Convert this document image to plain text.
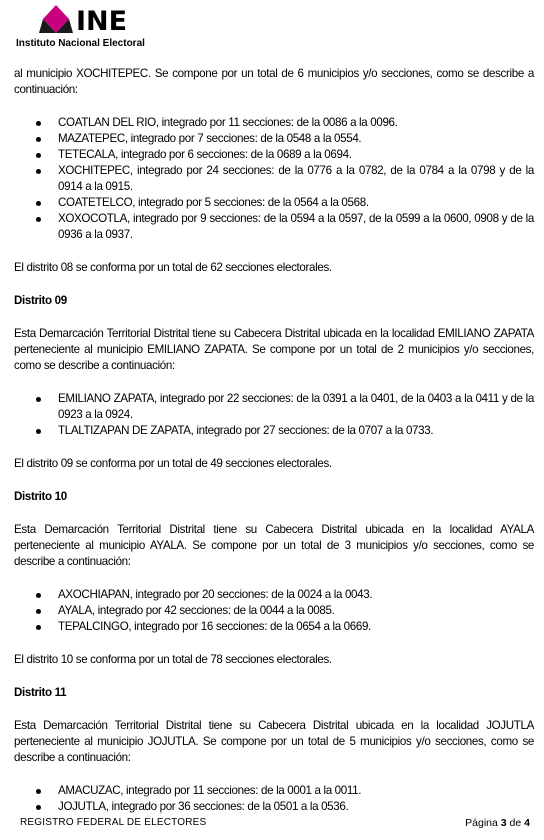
INE
Instituto Nacional Electoral

al municipio XOCHITEPEC. Se compone por un total de 6 municipios y/o secciones, como se describe a continuación:

COATLAN DEL RIO, integrado por 11 secciones: de la 0086 a la 0096.
MAZATEPEC, integrado por 7 secciones: de la 0548 a la 0554.
TETECALA, integrado por 6 secciones: de la 0689 a la 0694.
XOCHITEPEC, integrado por 24 secciones: de la 0776 a la 0782, de la 0784 a la 0798 y de la 0914 a la 0915.
COATETELCO, integrado por 5 secciones: de la 0564 a la 0568.
XOXOCOTLA, integrado por 9 secciones: de la 0594 a la 0597, de la 0599 a la 0600, 0908 y de la 0936 a la 0937.

El distrito 08 se conforma por un total de 62 secciones electorales.

Distrito 09

Esta Demarcación Territorial Distrital tiene su Cabecera Distrital ubicada en la localidad EMILIANO ZAPATA perteneciente al municipio EMILIANO ZAPATA. Se compone por un total de 2 municipios y/o secciones, como se describe a continuación:

EMILIANO ZAPATA, integrado por 22 secciones: de la 0391 a la 0401, de la 0403 a la 0411 y de la 0923 a la 0924.
TLALTIZAPAN DE ZAPATA, integrado por 27 secciones: de la 0707 a la 0733.

El distrito 09 se conforma por un total de 49 secciones electorales.

Distrito 10

Esta Demarcación Territorial Distrital tiene su Cabecera Distrital ubicada en la localidad AYALA perteneciente al municipio AYALA. Se compone por un total de 3 municipios y/o secciones, como se describe a continuación:

AXOCHIAPAN, integrado por 20 secciones: de la 0024 a la 0043.
AYALA, integrado por 42 secciones: de la 0044 a la 0085.
TEPALCINGO, integrado por 16 secciones: de la 0654 a la 0669.

El distrito 10 se conforma por un total de 78 secciones electorales.

Distrito 11

Esta Demarcación Territorial Distrital tiene su Cabecera Distrital ubicada en la localidad JOJUTLA perteneciente al municipio JOJUTLA. Se compone por un total de 5 municipios y/o secciones, como se describe a continuación:

AMACUZAC, integrado por 11 secciones: de la 0001 a la 0011.
JOJUTLA, integrado por 36 secciones: de la 0501 a la 0536.
REGISTRO FEDERAL DE ELECTORES	Página 3 de 4
